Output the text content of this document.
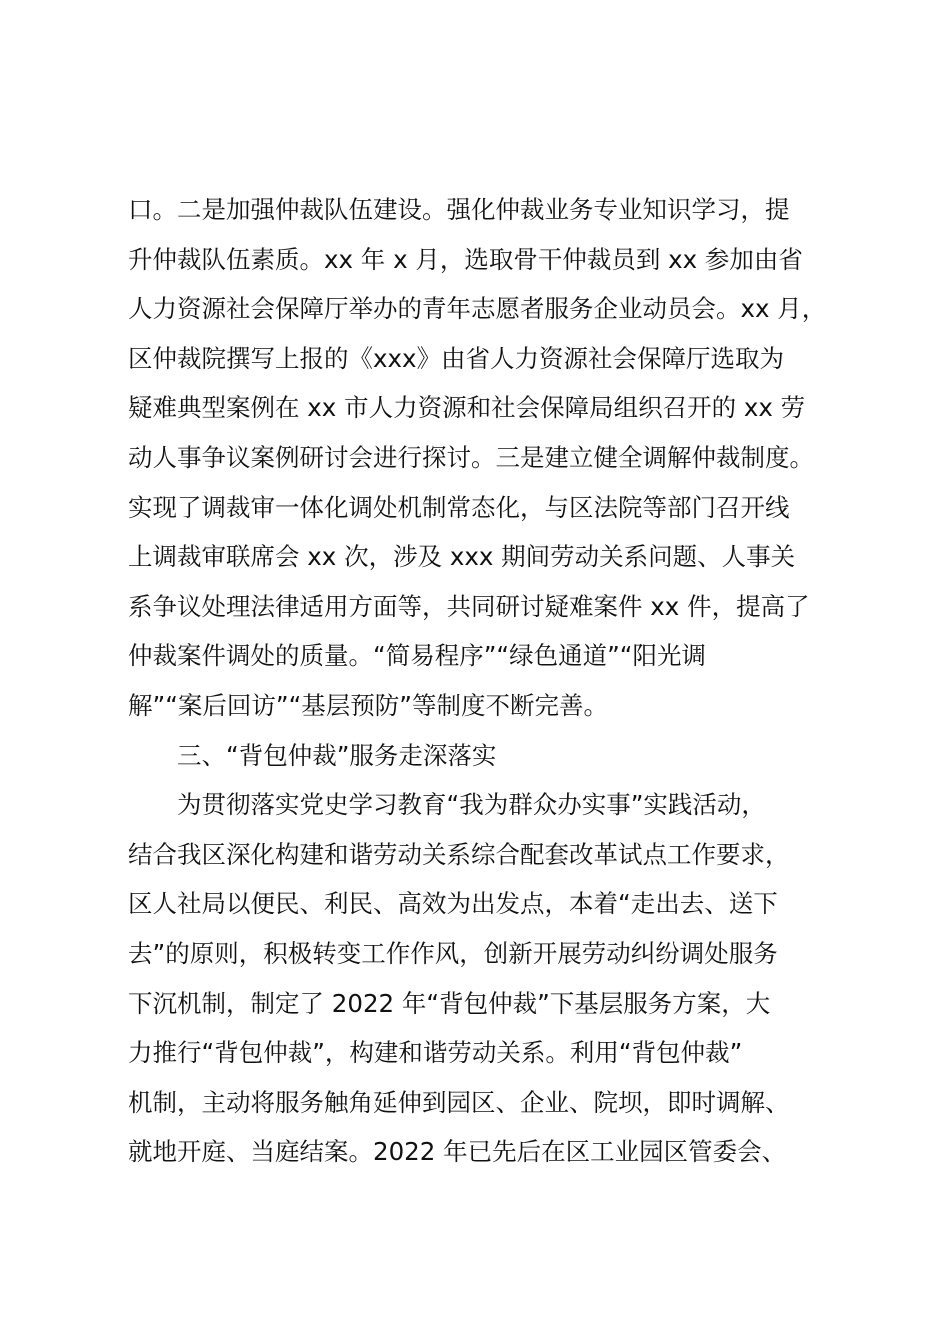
口。二是加强仲裁队伍建设。强化仲裁业务专业知识学习，提
升仲裁队伍素质。xx 年 x 月，选取骨干仲裁员到 xx 参加由省
人力资源社会保障厅举办的青年志愿者服务企业动员会。xx 月，
区仲裁院撰写上报的《xxx》由省人力资源社会保障厅选取为
疑难典型案例在 xx 市人力资源和社会保障局组织召开的 xx 劳
动人事争议案例研讨会进行探讨。三是建立健全调解仲裁制度。
实现了调裁审一体化调处机制常态化，与区法院等部门召开线
上调裁审联席会 xx 次，涉及 xxx 期间劳动关系问题、人事关
系争议处理法律适用方面等，共同研讨疑难案件 xx 件，提高了
仲裁案件调处的质量。“简易程序”“绿色通道”“阳光调
解”“案后回访”“基层预防”等制度不断完善。
三、“背包仲裁”服务走深落实
为贯彻落实党史学习教育“我为群众办实事”实践活动，
结合我区深化构建和谐劳动关系综合配套改革试点工作要求，
区人社局以便民、利民、高效为出发点，本着“走出去、送下
去”的原则，积极转变工作作风，创新开展劳动纠纷调处服务
下沉机制，制定了 2022 年“背包仲裁”下基层服务方案，大
力推行“背包仲裁”，构建和谐劳动关系。利用“背包仲裁”
机制，主动将服务触角延伸到园区、企业、院坝，即时调解、
就地开庭、当庭结案。2022 年已先后在区工业园区管委会、
